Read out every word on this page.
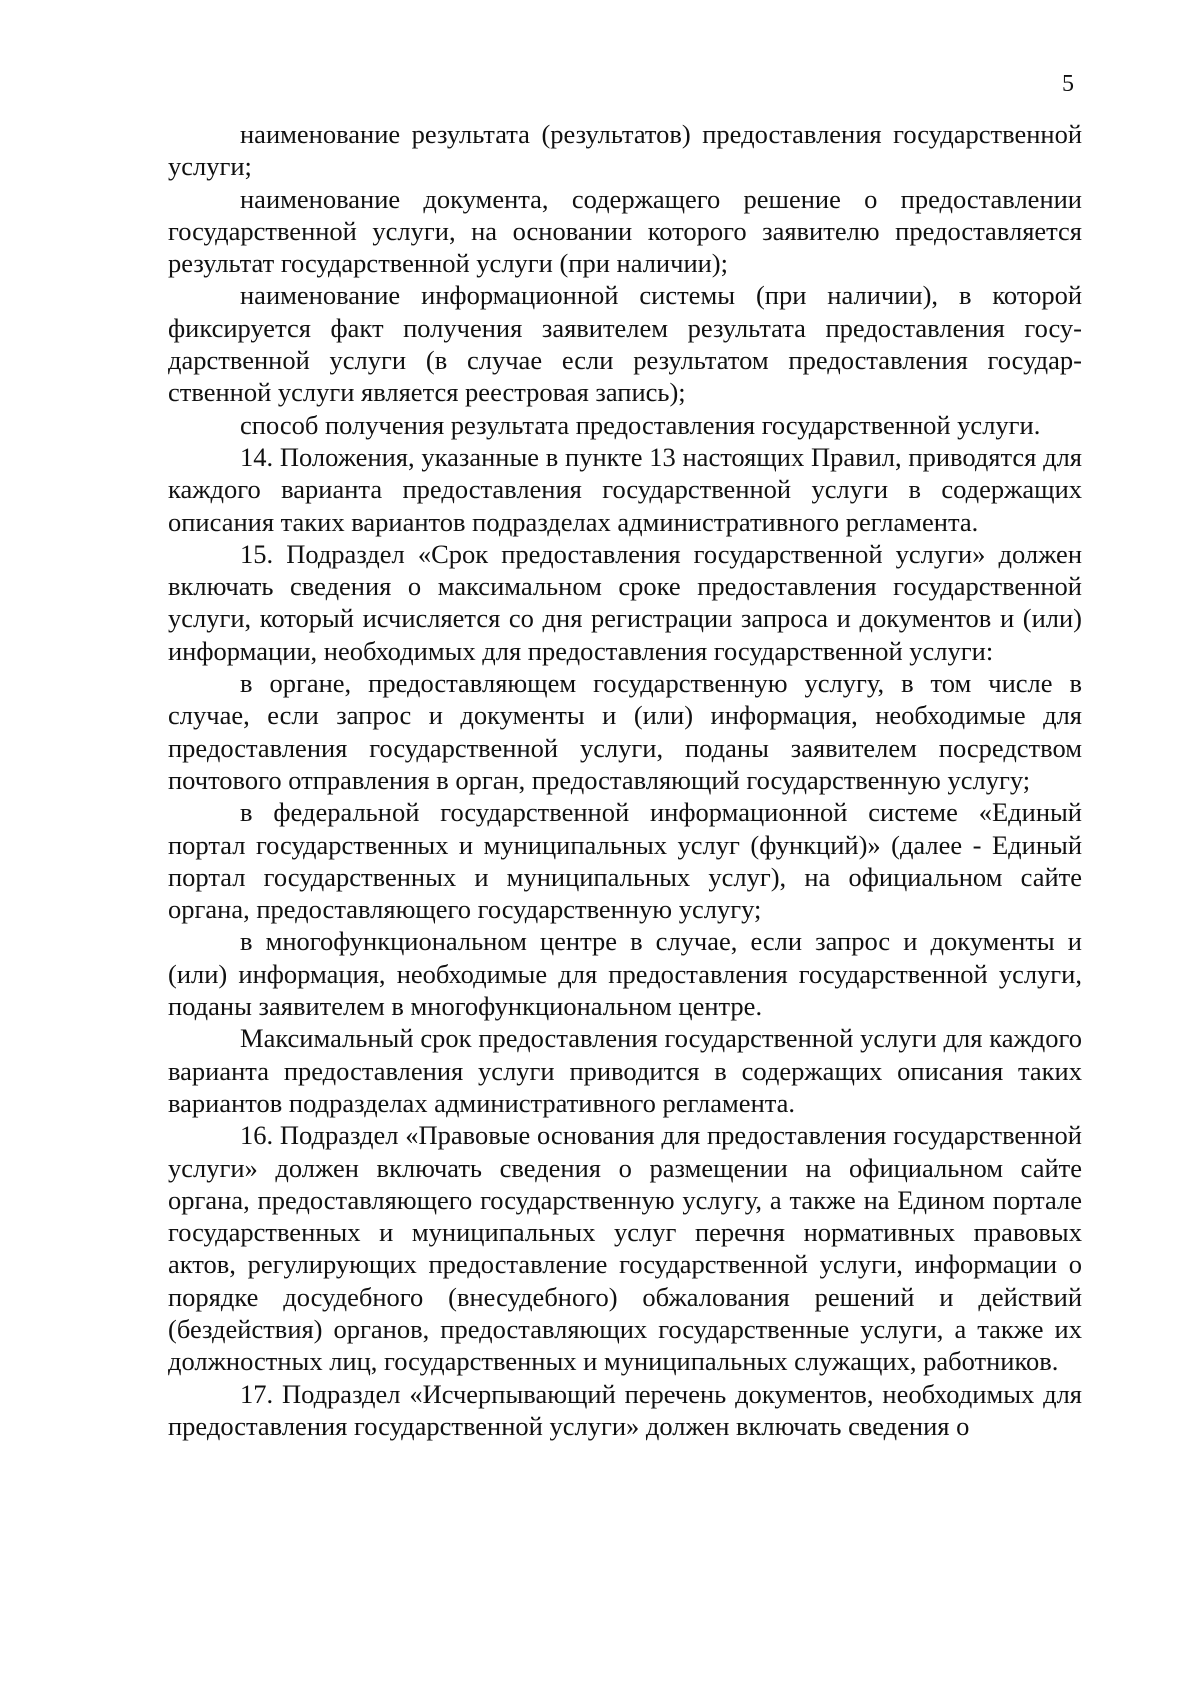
5

наименование результата (результатов) предоставления государственной услуги;

наименование документа, содержащего решение о предоставлении государственной услуги, на основании которого заявителю предоставляется результат государственной услуги (при наличии);

наименование информационной системы (при наличии), в которой фиксируется факт получения заявителем результата предоставления государственной услуги (в случае если результатом предоставления государственной услуги является реестровая запись);

способ получения результата предоставления государственной услуги.

14. Положения, указанные в пункте 13 настоящих Правил, приводятся для каждого варианта предоставления государственной услуги в содержащих описания таких вариантов подразделах административного регламента.

15. Подраздел «Срок предоставления государственной услуги» должен включать сведения о максимальном сроке предоставления государственной услуги, который исчисляется со дня регистрации запроса и документов и (или) информации, необходимых для предоставления государственной услуги:

в органе, предоставляющем государственную услугу, в том числе в случае, если запрос и документы и (или) информация, необходимые для предоставления государственной услуги, поданы заявителем посредством почтового отправления в орган, предоставляющий государственную услугу;

в федеральной государственной информационной системе «Единый портал государственных и муниципальных услуг (функций)» (далее - Единый портал государственных и муниципальных услуг), на официальном сайте органа, предоставляющего государственную услугу;

в многофункциональном центре в случае, если запрос и документы и (или) информация, необходимые для предоставления государственной услуги, поданы заявителем в многофункциональном центре.

Максимальный срок предоставления государственной услуги для каждого варианта предоставления услуги приводится в содержащих описания таких вариантов подразделах административного регламента.

16. Подраздел «Правовые основания для предоставления государственной услуги» должен включать сведения о размещении на официальном сайте органа, предоставляющего государственную услугу, а также на Едином портале государственных и муниципальных услуг перечня нормативных правовых актов, регулирующих предоставление государственной услуги, информации о порядке досудебного (внесудебного) обжалования решений и действий (бездействия) органов, предоставляющих государственные услуги, а также их должностных лиц, государственных и муниципальных служащих, работников.

17. Подраздел «Исчерпывающий перечень документов, необходимых для предоставления государственной услуги» должен включать сведения о
